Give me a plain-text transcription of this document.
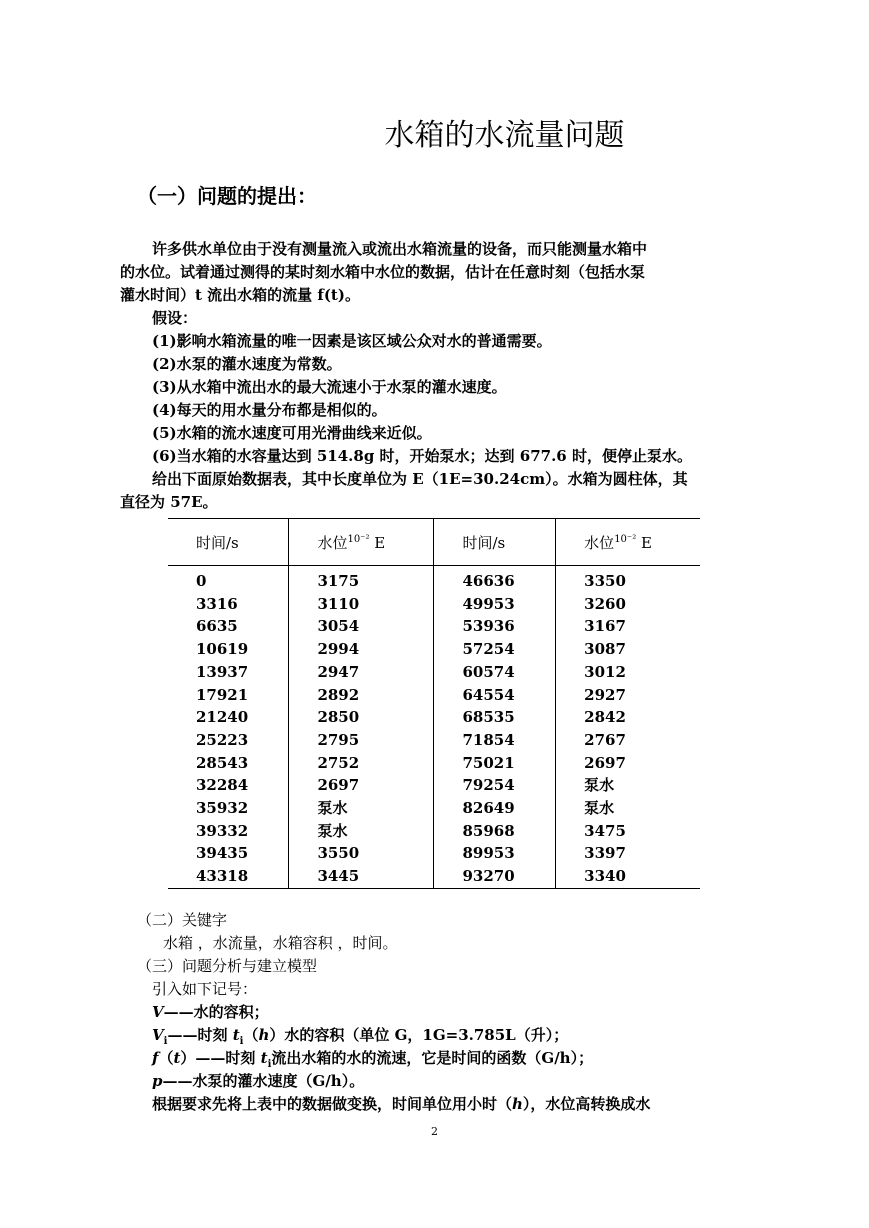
水箱的水流量问题
（一）问题的提出：
许多供水单位由于没有测量流入或流出水箱流量的设备，而只能测量水箱中
的水位。试着通过测得的某时刻水箱中水位的数据，估计在任意时刻（包括水泵
灌水时间）t 流出水箱的流量 f(t)。
假设：
(1)影响水箱流量的唯一因素是该区域公众对水的普通需要。
(2)水泵的灌水速度为常数。
(3)从水箱中流出水的最大流速小于水泵的灌水速度。
(4)每天的用水量分布都是相似的。
(5)水箱的流水速度可用光滑曲线来近似。
(6)当水箱的水容量达到 514.8g 时，开始泵水；达到 677.6 时，便停止泵水。
给出下面原始数据表，其中长度单位为 E（1E=30.24cm）。水箱为圆柱体，其
直径为 57E。
时间/s	水位$^{10^{-2}}$ E	时间/s	水位$^{10^{-2}}$ E
0	3175	46636	3350
3316	3110	49953	3260
6635	3054	53936	3167
10619	2994	57254	3087
13937	2947	60574	3012
17921	2892	64554	2927
21240	2850	68535	2842
25223	2795	71854	2767
28543	2752	75021	2697
32284	2697	79254	泵水
35932	泵水	82649	泵水
39332	泵水	85968	3475
39435	3550	89953	3397
43318	3445	93270	3340
（二）关键字
水箱 ，水流量，水箱容积 ，时间。
（三）问题分析与建立模型
引入如下记号：
V——水的容积；
$V_i——$时刻 $t_i(h)$水的容积（单位 G，1G=3.785L（升）；
f（t）——时刻 $t_i$流出水箱的水的流速，它是时间的函数（G/h）；
p——水泵的灌水速度（G/h）。
根据要求先将上表中的数据做变换，时间单位用小时（h），水位高转换成水
2
